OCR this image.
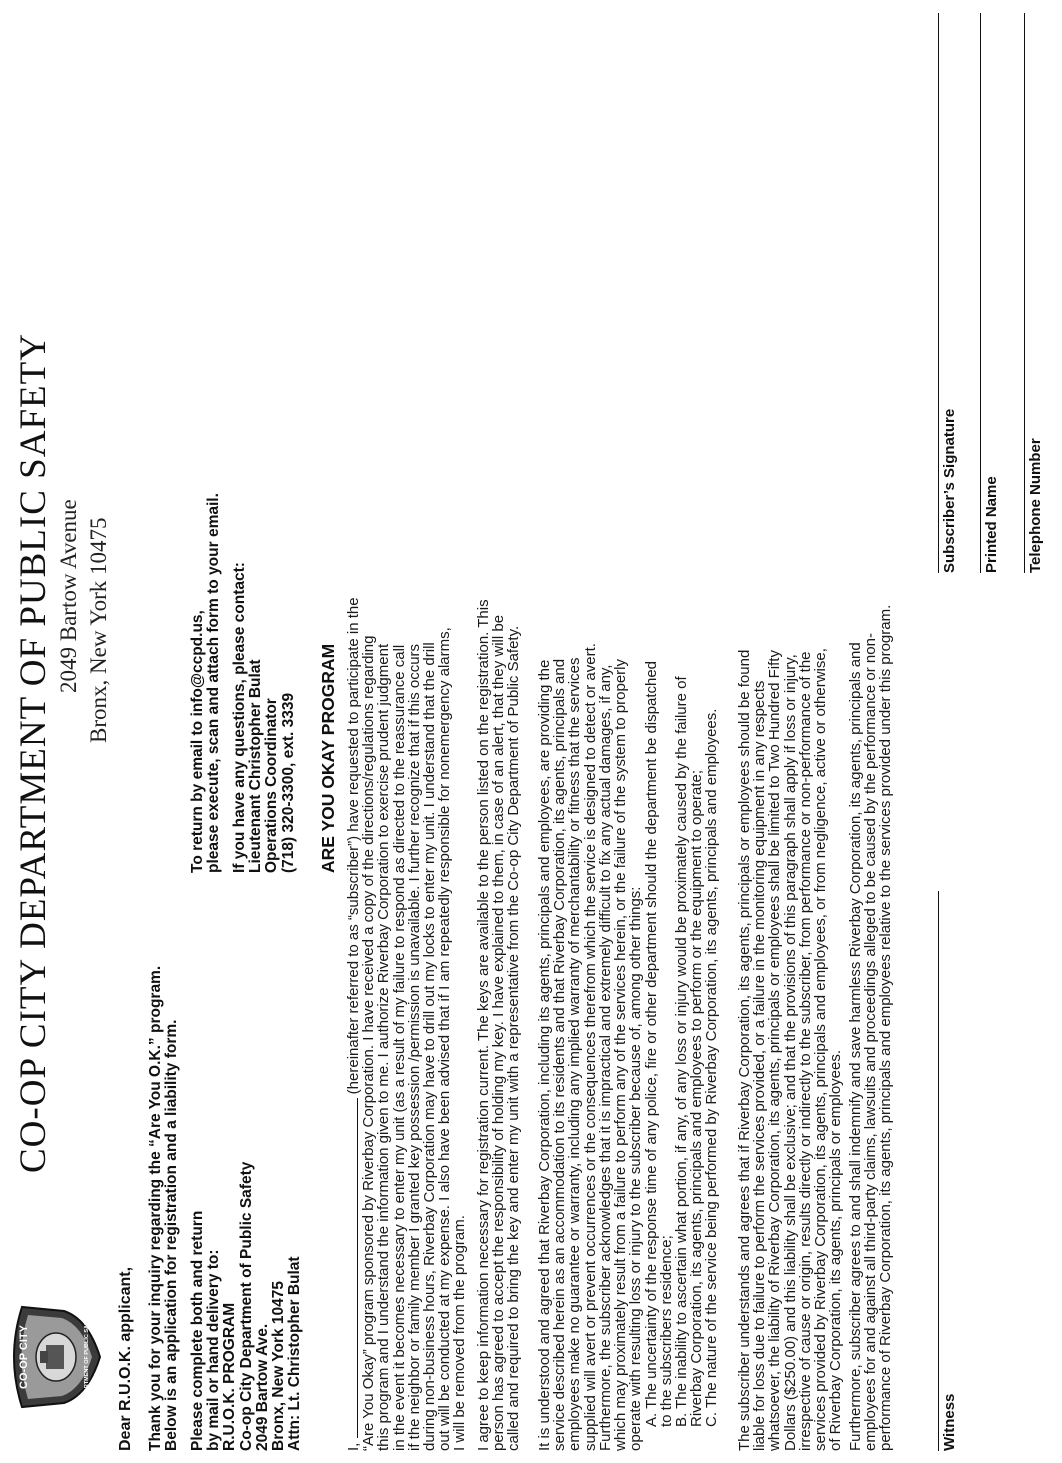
CO-OP CITY	DEPARTMENT OF PUBLIC SAFETY
CO-OP CITY DEPARTMENT OF PUBLIC SAFETY 2049 Bartow Avenue Bronx, New York 10475
Dear R.U.O.K. applicant, Thank you for your inquiry regarding the “Are You O.K.” program. Below is an application for registration and a liability form. Please complete both and return by mail or hand delivery to: R.U.O.K. PROGRAM Co-op City Department of Public Safety 2049 Bartow Ave. Bronx, New York 10475 Attn: Lt. Christopher Bulat
To return by email to info@ccpd.us, please execute, scan and attach form to your email. If you have any questions, please contact: Lieutenant Christopher Bulat Operations Coordinator (718) 320-3300, ext. 3339 ARE YOU OKAY PROGRAM

I,  (hereinafter referred to as “subscriber”) have requested to participate in the

“Are You Okay” program sponsored by Riverbay Corporation. I have received a copy of the directions/regulations regarding

this program and I understand the information given to me. I authorize Riverbay Corporation to exercise prudent judgment

in the event it becomes necessary to enter my unit (as a result of my failure to respond as directed to the reassurance call

if the neighbor or family member I granted key possession /permission is unavailable. I further recognize that if this occurs

during non-business hours, Riverbay Corporation may have to drill out my locks to enter my unit. I understand that the drill

out will be conducted at my expense. I also have been advised that if I am repeatedly responsible for nonemergency alarms,

I will be removed from the program. I agree to keep information necessary for registration current. The keys are available to the person listed on the registration. This

person has agreed to accept the responsibility of holding my key. I have explained to them, in case of an alert, that they will be

called and required to bring the key and enter my unit with a representative from the Co-op City Department of Public Safety. It is understood and agreed that Riverbay Corporation, including its agents, principals and employees, are providing the

service described herein as an accommodation to its residents and that Riverbay Corporation, its agents, principals and

employees make no guarantee or warranty, including any implied warranty of merchantability or fitness that the services

supplied will avert or prevent occurrences or the consequences therefrom which the service is designed to detect or avert.

Furthermore, the subscriber acknowledges that it is impractical and extremely difficult to fix any actual damages, if any,

which may proximately result from a failure to perform any of the services herein, or the failure of the system to properly

operate with resulting loss or injury to the subscriber because of, among other things:

A. The uncertainty of the response time of any police, fire or other department should the department be dispatched

to the subscribers residence;

B. The inability to ascertain what portion, if any, of any loss or injury would be proximately caused by the failure of

Riverbay Corporation, its agents, principals and employees to perform or the equipment to operate;

C. The nature of the service being performed by Riverbay Corporation, its agents, principals and employees. The subscriber understands and agrees that if Riverbay Corporation, its agents, principals or employees should be found

liable for loss due to failure to perform the services provided, or a failure in the monitoring equipment in any respects

whatsoever, the liability of Riverbay Corporation, its agents, principals or employees shall be limited to Two Hundred Fifty

Dollars ($250.00) and this liability shall be exclusive; and that the provisions of this paragraph shall apply if loss or injury,

irrespective of cause or origin, results directly or indirectly to the subscriber, from performance or non-performance of the

services provided by Riverbay Corporation, its agents, principals and employees, or from negligence, active or otherwise,

of Riverbay Corporation, its agents, principals or employees. Furthermore, subscriber agrees to and shall indemnify and save harmless Riverbay Corporation, its agents, principals and

employees for and against all third-party claims, lawsuits and proceedings alleged to be caused by the performance or non-

performance of Riverbay Corporation, its agents, principals and employees relative to the services provided under this program.	Witness
Subscriber’s Signature Printed Name Telephone Number
